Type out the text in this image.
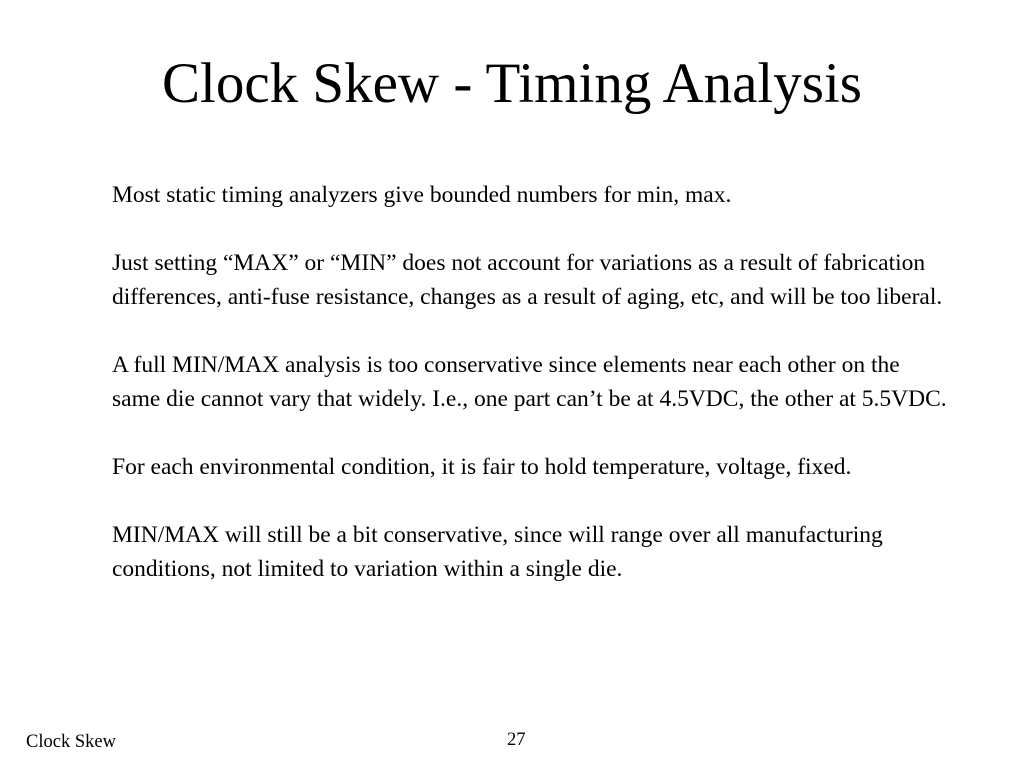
Clock Skew - Timing Analysis

Most static timing analyzers give bounded numbers for min, max.

Just setting “MAX” or “MIN” does not account for variations as a result of fabrication differences, anti-fuse resistance, changes as a result of aging, etc, and will be too liberal.

A full MIN/MAX analysis is too conservative since elements near each other on the same die cannot vary that widely. I.e., one part can’t be at 4.5VDC, the other at 5.5VDC.

For each environmental condition, it is fair to hold temperature, voltage, fixed.

MIN/MAX will still be a bit conservative, since will range over all manufacturing conditions, not limited to variation within a single die.

Clock Skew	27
